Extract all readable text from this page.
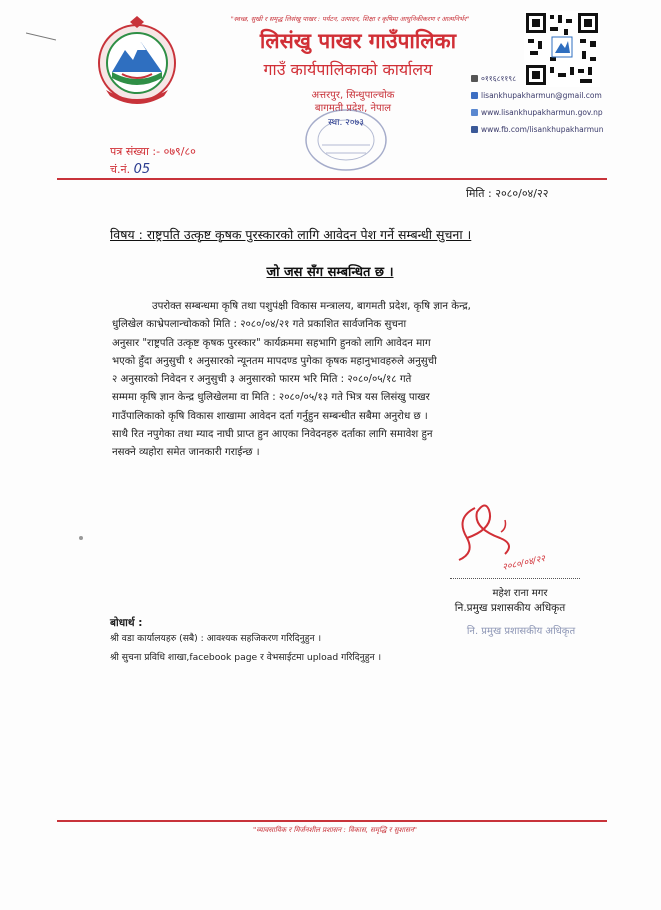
"स्वच्छ, सुखी र समृद्ध लिसंखु पाखर : पर्यटन, उत्पादन, शिक्षा र कृषिमा आधुनिकीकरण र आत्मनिर्भर"
लिसंखु पाखर गाउँपालिका
गाउँ कार्यपालिकाको कार्यालय
अत्तरपुर, सिन्धुपाल्चोक
बागमती प्रदेश, नेपाल
स्था. २०७३
०११६८११९८
lisankhupakharmun@gmail.com
www.lisankhupakharmun.gov.np
www.fb.com/lisankhupakharmun
पत्र संख्या :- ०७९/८०
चं.नं. 05
मिति : २०८०/०४/२२
विषय : राष्ट्रपति उत्कृष्ट कृषक पुरस्कारको लागि आवेदन पेश गर्ने सम्बन्धी सुचना ।
जो जस सँग सम्बन्धित छ ।
उपरोक्त सम्बन्धमा कृषि तथा पशुपंक्षी विकास मन्त्रालय, बागमती प्रदेश, कृषि ज्ञान केन्द्र,
धुलिखेल काभ्रेपलान्चोकको मिति : २०८०/०४/२१ गते प्रकाशित सार्वजनिक सुचना
अनुसार "राष्ट्रपति उत्कृष्ट कृषक पुरस्कार" कार्यक्रममा सहभागि हुनको लागि आवेदन माग
भएको हुँदा अनुसुची १ अनुसारको न्यूनतम मापदण्ड पुगेका कृषक महानुभावहरुले अनुसुची
२ अनुसारको निवेदन र अनुसुची ३ अनुसारको फारम भरि मिति : २०८०/०५/१८ गते
सम्ममा कृषि ज्ञान केन्द्र धुलिखेलमा वा मिति : २०८०/०५/१३ गते भित्र यस लिसंखु पाखर
गाउँपालिकाको कृषि विकास शाखामा आवेदन दर्ता गर्नुहुन सम्बन्धीत सबैमा अनुरोध छ ।
साथै रित नपुगेका तथा म्याद नाघी प्राप्त हुन आएका निवेदनहरु दर्ताका लागि समावेश हुन
नसक्ने व्यहोरा समेत जानकारी गराईन्छ ।
२०८०/०४/२२
महेश राना मगर
नि.प्रमुख प्रशासकीय अधिकृत
नि. प्रमुख प्रशासकीय अधिकृत
बोधार्थ :
श्री वडा कार्यालयहरु (सबै) : आवश्यक सहजिकरण गरिदिनुहुन ।
श्री सुचना प्रविधि शाखा,facebook page र वेभसाईटमा upload गरिदिनुहुन ।
"व्यावसायिक र मिर्जनशील प्रशासन : विकास, समृद्धि र सुशासन"
